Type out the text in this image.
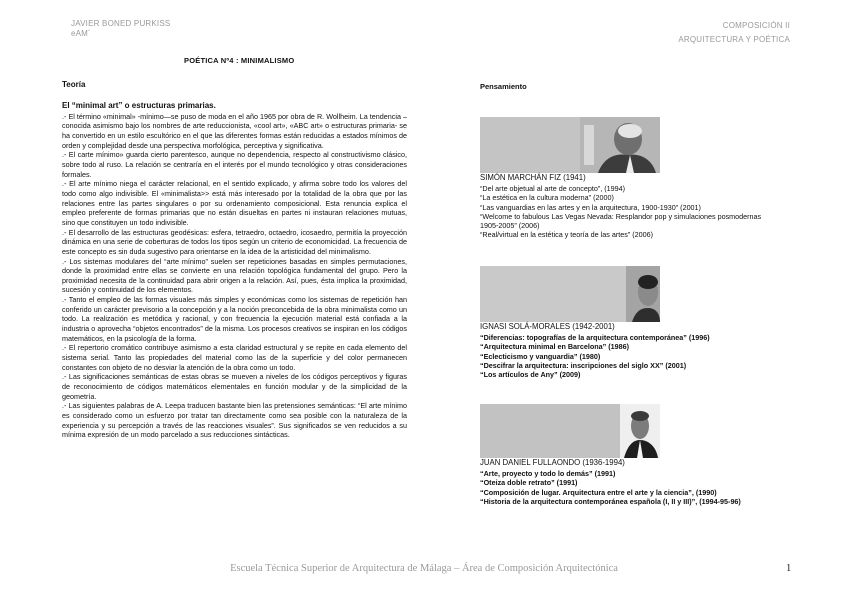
JAVIER BONED PURKISS
eAM´
COMPOSICIÓN II
ARQUITECTURA Y POÉTICA
POÉTICA Nº4 : MINIMALISMO
Teoría	Pensamiento

El “minimal art” o estructuras primarias.

.- El término «minimal» -mínimo—se puso de moda en el año 1965 por obra de R. Wollheim. La tendencia –conocida asimismo bajo los nombres de arte reduccionista, «cool art», «ABC art» o estructuras primaria- se ha convertido en un estilo escultórico en el que las diferentes formas están reducidas a estados mínimos de orden y complejidad desde una perspectiva morfológica, perceptiva y significativa.

.- El carte mínimo» guarda cierto parentesco, aunque no dependencia, respecto al constructivismo clásico, sobre todo al ruso. La relación se centraría en el interés por el mundo tecnológico y otras consideraciones formales.

.- El arte mínimo niega el carácter relacional, en el sentido explicado, y afirma sobre todo los valores del todo como algo indivisible. El «minimalista>> está más interesado por la totalidad de la obra que por las relaciones entre las partes singulares o por su ordenamiento composicional. Esta renuncia explica el empleo preferente de formas primarias que no están disueltas en partes ni instauran relaciones mutuas, sino que constituyen un todo indivisible.

.- El desarrollo de las estructuras geodésicas: esfera, tetraedro, octaedro, icosaedro, permitía la proyección dinámica en una serie de coberturas de todos los tipos según un criterio de economicidad. La frecuencia de este concepto es sin duda sugestivo para orientarse en la idea de la artisticidad del minimalismo.

.- Los sistemas modulares del “arte mínimo” suelen ser repeticiones basadas en simples permutaciones, donde la proximidad entre ellas se convierte en una relación topológica fundamental del grupo. Pero la proximidad necesita de la continuidad para abrir origen a la relación. Así, pues, ésta implica la proximidad, sucesión y continuidad de los elementos.

.- Tanto el empleo de las formas visuales más simples y económicas como los sistemas de repetición han conferido un carácter previsorio a la concepción y a la noción preconcebida de la obra minimalista como un todo. La realización es metódica y racional, y con frecuencia la ejecución material está confiada a la industria o aprovecha “objetos encontrados” de la misma. Los procesos creativos se inspiran en los códigos matemáticos, en la psicología de la forma.

.- El repertorio cromático contribuye asimismo a esta claridad estructural y se repite en cada elemento del sistema serial. Tanto las propiedades del material como las de la superficie y del color permanecen constantes con objeto de no desviar la atención de la obra como un todo.

.- Las significaciones semánticas de estas obras se mueven a niveles de los códigos perceptivos y figuras de reconocimiento de códigos matemáticos elementales en función modular y de la simplicidad de la geometría.

.- Las siguientes palabras de A. Leepa traducen bastante bien las pretensiones semánticas: “El arte mínimo es considerado como un esfuerzo por tratar tan directamente como sea posible con la naturaleza de la experiencia y su percepción a través de las reacciones visuales”. Sus significados se ven reducidos a su mínima expresión de un modo parcelado a sus reducciones sintácticas.

SIMÓN MARCHÁN FIZ (1941)
“Del arte objetual al arte de concepto”, (1994)
“La estética en la cultura moderna” (2000)
“Las vanguardias en las artes y en la arquitectura, 1900-1930” (2001)
“Welcome to fabulous Las Vegas Nevada: Resplandor pop y simulaciones posmodernas 1905-2005” (2006)
“Real/virtual en la estética y teoría de las artes” (2006)
IGNASI SOLÁ-MORALES (1942-2001)
“Diferencias: topografías de la arquitectura contemporánea” (1996)
“Arquitectura minimal en Barcelona” (1986)
“Eclecticismo y vanguardia” (1980)
“Descifrar la arquitectura: inscripciones del siglo XX” (2001)
“Los artículos de Any” (2009)
JUAN DANIEL FULLAONDO (1936-1994)
“Arte, proyecto y todo lo demás” (1991)
“Oteiza doble retrato” (1991)
“Composición de lugar. Arquitectura entre el arte y la ciencia”, (1990)
“Historia de la arquitectura contemporánea española (I, II y III)”, (1994-95-96)
Escuela Técnica Superior de Arquitectura de Málaga – Área de Composición Arquitectónica	1
